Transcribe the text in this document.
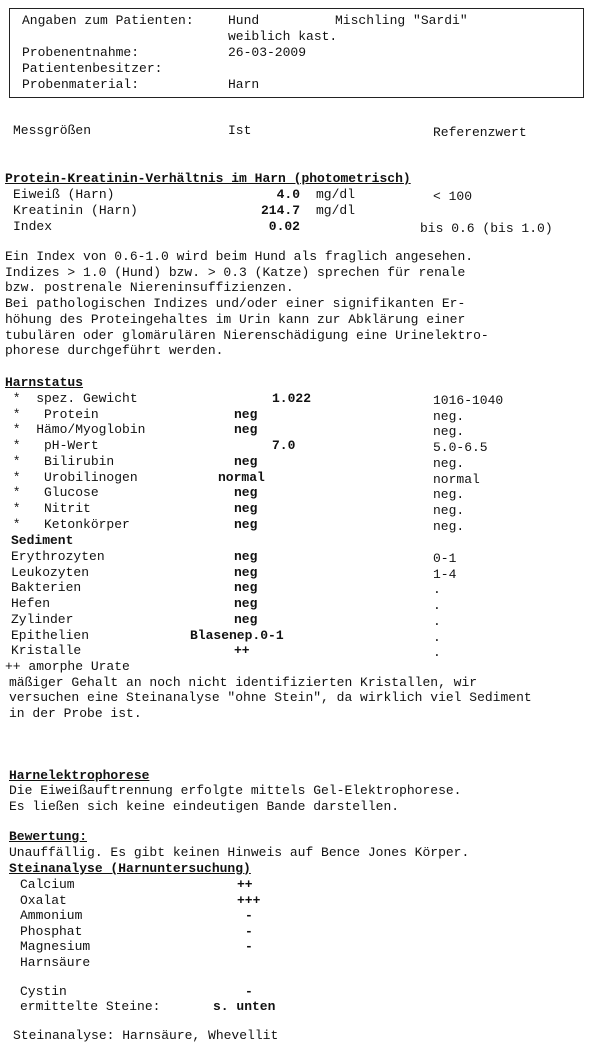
Angaben zum Patienten:	Hund	Mischling "Sardi"
weiblich kast.
Probenentnahme:	26-03-2009
Patientenbesitzer:
Probenmaterial:	Harn
Messgrößen	Ist	Referenzwert
Protein-Kreatinin-Verhältnis im Harn (photometrisch)
Eiweiß (Harn)	4.0 mg/dl	< 100
Kreatinin (Harn)	214.7 mg/dl
Index	0.02	bis 0.6 (bis 1.0)
Ein Index von 0.6-1.0 wird beim Hund als fraglich angesehen.
Indizes > 1.0 (Hund) bzw. > 0.3 (Katze) sprechen für renale
bzw. postrenale Niereninsuffizienzen.
Bei pathologischen Indizes und/oder einer signifikanten Er-
höhung des Proteingehaltes im Urin kann zur Abklärung einer
tubulären oder glomärulären Nierenschädigung eine Urinelektro-
phorese durchgeführt werden.
Harnstatus
*  spez. Gewicht	1.022	1016-1040
*   Protein	neg	neg.
*  Hämo/Myoglobin	neg	neg.
*   pH-Wert	7.0	5.0-6.5
*   Bilirubin	neg	neg.
*   Urobilinogen	normal	normal
*   Glucose	neg	neg.
*   Nitrit	neg	neg.
*   Ketonkörper	neg	neg.
Sediment
Erythrozyten	neg	0-1
Leukozyten	neg	1-4
Bakterien	neg	.
Hefen	neg	.
Zylinder	neg	.
Epithelien	Blasenep.0-1	.
Kristalle	++	.
++ amorphe Urate
mäßiger Gehalt an noch nicht identifizierten Kristallen, wir
versuchen eine Steinanalyse "ohne Stein", da wirklich viel Sediment
in der Probe ist.
Harnelektrophorese
Die Eiweißauftrennung erfolgte mittels Gel-Elektrophorese.
Es ließen sich keine eindeutigen Bande darstellen.
Bewertung:
Unauffällig. Es gibt keinen Hinweis auf Bence Jones Körper.
Steinanalyse (Harnuntersuchung)
Calcium	++
Oxalat	+++
Ammonium	-
Phosphat	-
Magnesium	-
Harnsäure
Cystin	-
ermittelte Steine:	s. unten
Steinanalyse: Harnsäure, Whevellit
